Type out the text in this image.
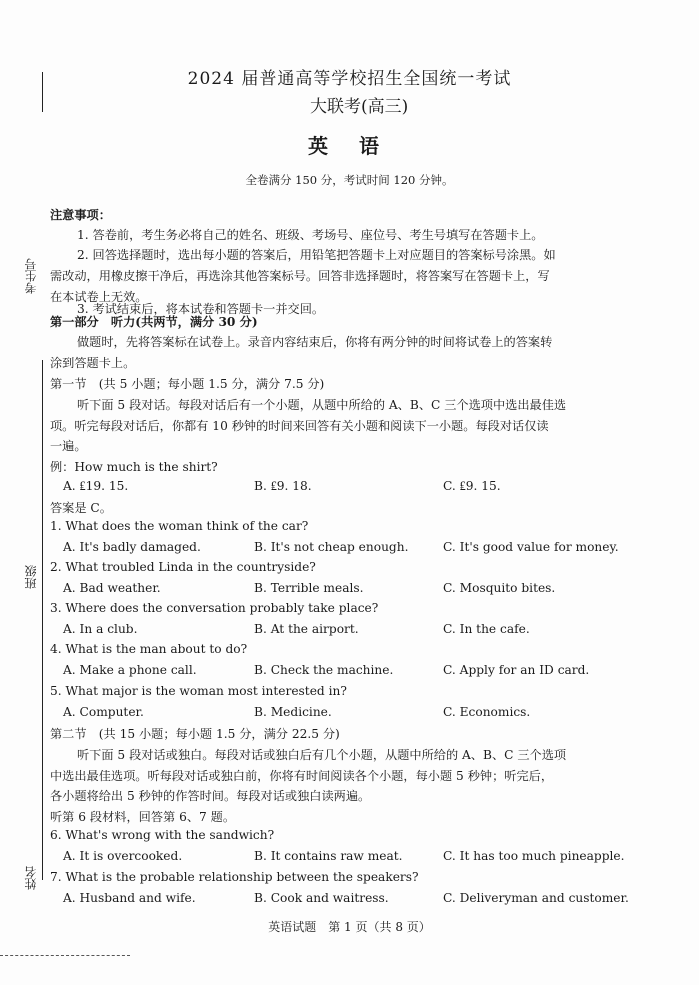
考生号
班级
姓名
2024 届普通高等学校招生全国统一考试
大联考(高三)
英 语
全卷满分 150 分，考试时间 120 分钟。
注意事项：
1. 答卷前，考生务必将自己的姓名、班级、考场号、座位号、考生号填写在答题卡上。
2. 回答选择题时，选出每小题的答案后，用铅笔把答题卡上对应题目的答案标号涂黑。如
需改动，用橡皮擦干净后，再选涂其他答案标号。回答非选择题时，将答案写在答题卡上，写
在本试卷上无效。
3. 考试结束后，将本试卷和答题卡一并交回。
第一部分　听力(共两节，满分 30 分)
做题时，先将答案标在试卷上。录音内容结束后，你将有两分钟的时间将试卷上的答案转
涂到答题卡上。
第一节　(共 5 小题；每小题 1.5 分，满分 7.5 分)
听下面 5 段对话。每段对话后有一个小题，从题中所给的 A、B、C 三个选项中选出最佳选
项。听完每段对话后，你都有 10 秒钟的时间来回答有关小题和阅读下一小题。每段对话仅读
一遍。
例：How much is the shirt?
A. ₤19. 15.	B. ₤9. 18.	C. ₤9. 15.
答案是 C。
1. What does the woman think of the car?
A. It's badly damaged.	B. It's not cheap enough.	C. It's good value for money.
2. What troubled Linda in the countryside?
A. Bad weather.	B. Terrible meals.	C. Mosquito bites.
3. Where does the conversation probably take place?
A. In a club.	B. At the airport.	C. In the cafe.
4. What is the man about to do?
A. Make a phone call.	B. Check the machine.	C. Apply for an ID card.
5. What major is the woman most interested in?
A. Computer.	B. Medicine.	C. Economics.
第二节　(共 15 小题；每小题 1.5 分，满分 22.5 分)
听下面 5 段对话或独白。每段对话或独白后有几个小题，从题中所给的 A、B、C 三个选项
中选出最佳选项。听每段对话或独白前，你将有时间阅读各个小题，每小题 5 秒钟；听完后，
各小题将给出 5 秒钟的作答时间。每段对话或独白读两遍。
听第 6 段材料，回答第 6、7 题。
6. What's wrong with the sandwich?
A. It is overcooked.	B. It contains raw meat.	C. It has too much pineapple.
7. What is the probable relationship between the speakers?
A. Husband and wife.	B. Cook and waitress.	C. Deliveryman and customer.
英语试题　第 1 页（共 8 页）
